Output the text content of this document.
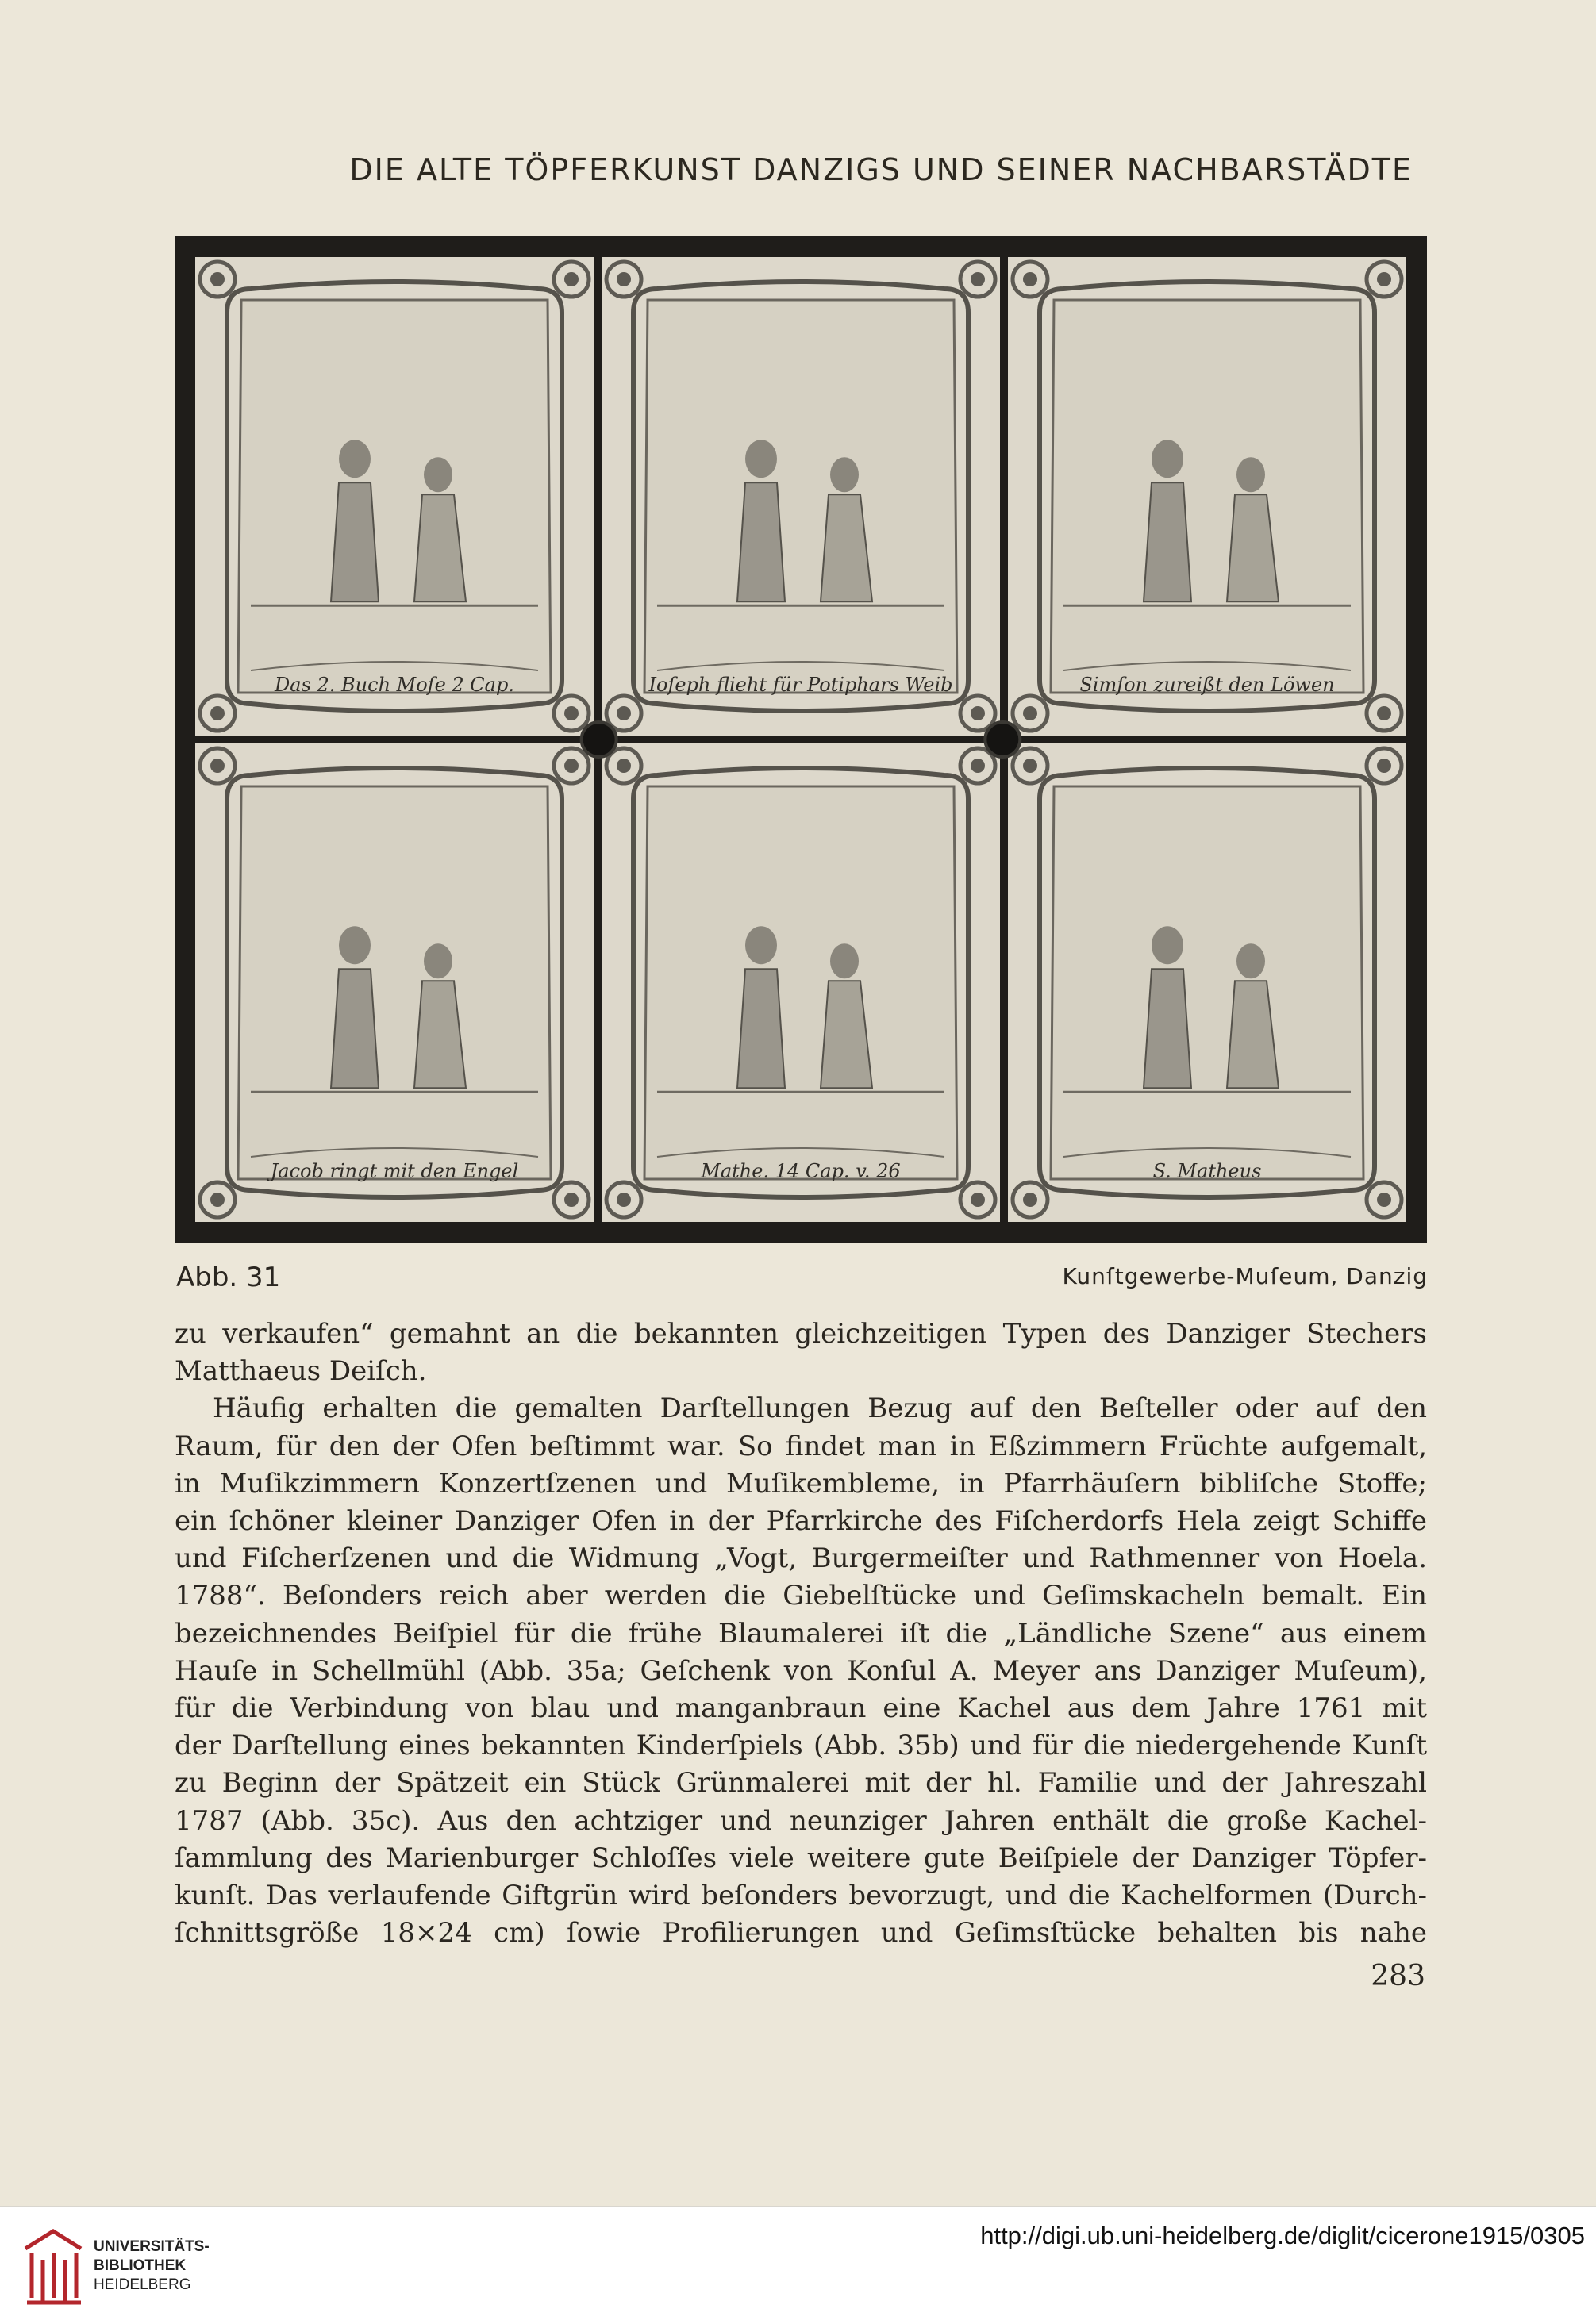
DIE ALTE TÖPFERKUNST DANZIGS UND SEINER NACHBARSTÄDTE
Das 2. Buch Moſe 2 Cap.	Ioſeph flieht für Potiphars Weib	Simſon zureißt den Löwen
Jacob ringt mit den Engel	Mathe. 14 Cap. v. 26	S. Matheus
Abb. 31	Kunſtgewerbe-Muſeum, Danzig

zu verkaufen“ gemahnt an die bekannten gleichzeitigen Typen des Danziger Stechers

Matthaeus Deiſch.

Häufig erhalten die gemalten Darſtellungen Bezug auf den Beſteller oder auf den

Raum, für den der Ofen beſtimmt war. So findet man in Eßzimmern Früchte aufgemalt,

in Muſikzimmern Konzertſzenen und Muſikembleme, in Pfarrhäuſern bibliſche Stoffe;

ein ſchöner kleiner Danziger Ofen in der Pfarrkirche des Fiſcherdorfs Hela zeigt Schiffe

und Fiſcherſzenen und die Widmung „Vogt, Burgermeiſter und Rathmenner von Hoela.

1788“. Beſonders reich aber werden die Giebelſtücke und Geſimskacheln bemalt. Ein

bezeichnendes Beiſpiel für die frühe Blaumalerei iſt die „Ländliche Szene“ aus einem

Hauſe in Schellmühl (Abb. 35a; Geſchenk von Konſul A. Meyer ans Danziger Muſeum),

für die Verbindung von blau und manganbraun eine Kachel aus dem Jahre 1761 mit

der Darſtellung eines bekannten Kinderſpiels (Abb. 35b) und für die niedergehende Kunſt

zu Beginn der Spätzeit ein Stück Grünmalerei mit der hl. Familie und der Jahreszahl

1787 (Abb. 35c). Aus den achtziger und neunziger Jahren enthält die große Kachel-

ſammlung des Marienburger Schloſſes viele weitere gute Beiſpiele der Danziger Töpfer-

kunſt. Das verlaufende Giftgrün wird beſonders bevorzugt, und die Kachelformen (Durch-

ſchnittsgröße 18×24 cm) ſowie Profilierungen und Geſimsſtücke behalten bis nahe

283
UNIVERSITÄTS-
BIBLIOTHEK
HEIDELBERG
http://digi.ub.uni-heidelberg.de/diglit/cicerone1915/0305
